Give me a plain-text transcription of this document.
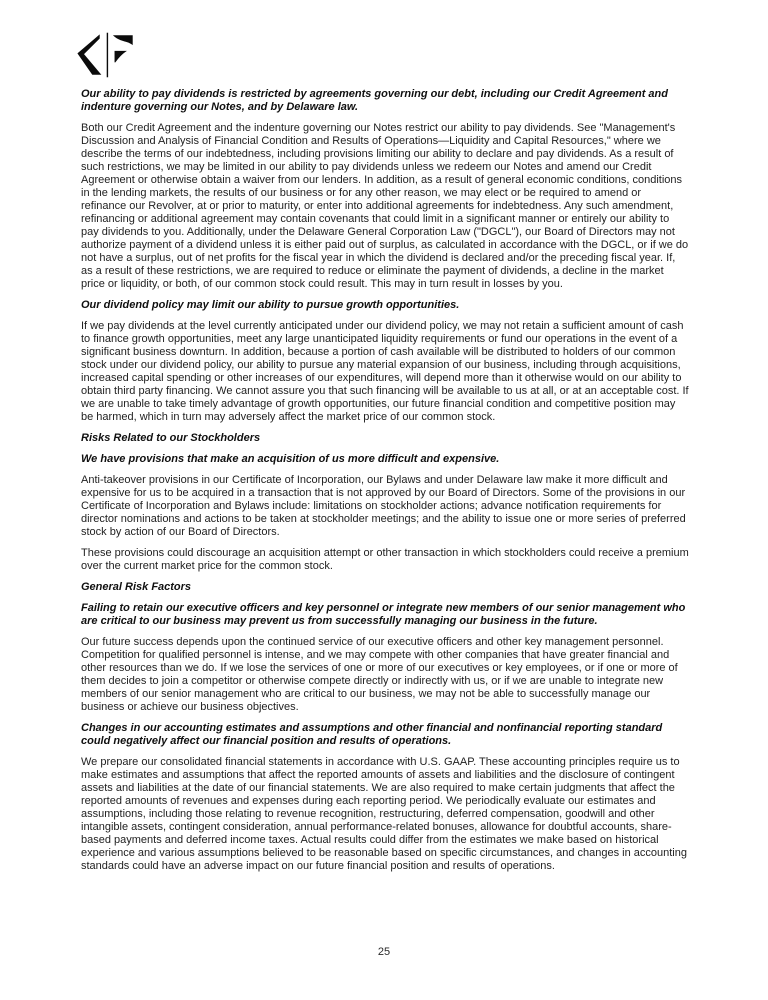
Our ability to pay dividends is restricted by agreements governing our debt, including our Credit Agreement and indenture governing our Notes, and by Delaware law.

Both our Credit Agreement and the indenture governing our Notes restrict our ability to pay dividends. See "Management's Discussion and Analysis of Financial Condition and Results of Operations—Liquidity and Capital Resources," where we describe the terms of our indebtedness, including provisions limiting our ability to declare and pay dividends. As a result of such restrictions, we may be limited in our ability to pay dividends unless we redeem our Notes and amend our Credit Agreement or otherwise obtain a waiver from our lenders. In addition, as a result of general economic conditions, conditions in the lending markets, the results of our business or for any other reason, we may elect or be required to amend or refinance our Revolver, at or prior to maturity, or enter into additional agreements for indebtedness. Any such amendment, refinancing or additional agreement may contain covenants that could limit in a significant manner or entirely our ability to pay dividends to you. Additionally, under the Delaware General Corporation Law ("DGCL"), our Board of Directors may not authorize payment of a dividend unless it is either paid out of surplus, as calculated in accordance with the DGCL, or if we do not have a surplus, out of net profits for the fiscal year in which the dividend is declared and/or the preceding fiscal year. If, as a result of these restrictions, we are required to reduce or eliminate the payment of dividends, a decline in the market price or liquidity, or both, of our common stock could result. This may in turn result in losses by you.

Our dividend policy may limit our ability to pursue growth opportunities.

If we pay dividends at the level currently anticipated under our dividend policy, we may not retain a sufficient amount of cash to finance growth opportunities, meet any large unanticipated liquidity requirements or fund our operations in the event of a significant business downturn. In addition, because a portion of cash available will be distributed to holders of our common stock under our dividend policy, our ability to pursue any material expansion of our business, including through acquisitions, increased capital spending or other increases of our expenditures, will depend more than it otherwise would on our ability to obtain third party financing. We cannot assure you that such financing will be available to us at all, or at an acceptable cost. If we are unable to take timely advantage of growth opportunities, our future financial condition and competitive position may be harmed, which in turn may adversely affect the market price of our common stock.

Risks Related to our Stockholders
We have provisions that make an acquisition of us more difficult and expensive.

Anti-takeover provisions in our Certificate of Incorporation, our Bylaws and under Delaware law make it more difficult and expensive for us to be acquired in a transaction that is not approved by our Board of Directors. Some of the provisions in our Certificate of Incorporation and Bylaws include: limitations on stockholder actions; advance notification requirements for director nominations and actions to be taken at stockholder meetings; and the ability to issue one or more series of preferred stock by action of our Board of Directors.

These provisions could discourage an acquisition attempt or other transaction in which stockholders could receive a premium over the current market price for the common stock.

General Risk Factors
Failing to retain our executive officers and key personnel or integrate new members of our senior management who are critical to our business may prevent us from successfully managing our business in the future.

Our future success depends upon the continued service of our executive officers and other key management personnel. Competition for qualified personnel is intense, and we may compete with other companies that have greater financial and other resources than we do. If we lose the services of one or more of our executives or key employees, or if one or more of them decides to join a competitor or otherwise compete directly or indirectly with us, or if we are unable to integrate new members of our senior management who are critical to our business, we may not be able to successfully manage our business or achieve our business objectives.

Changes in our accounting estimates and assumptions and other financial and nonfinancial reporting standard could negatively affect our financial position and results of operations.

We prepare our consolidated financial statements in accordance with U.S. GAAP. These accounting principles require us to make estimates and assumptions that affect the reported amounts of assets and liabilities and the disclosure of contingent assets and liabilities at the date of our financial statements. We are also required to make certain judgments that affect the reported amounts of revenues and expenses during each reporting period. We periodically evaluate our estimates and assumptions, including those relating to revenue recognition, restructuring, deferred compensation, goodwill and other intangible assets, contingent consideration, annual performance-related bonuses, allowance for doubtful accounts, share-based payments and deferred income taxes. Actual results could differ from the estimates we make based on historical experience and various assumptions believed to be reasonable based on specific circumstances, and changes in accounting standards could have an adverse impact on our future financial position and results of operations.

25
